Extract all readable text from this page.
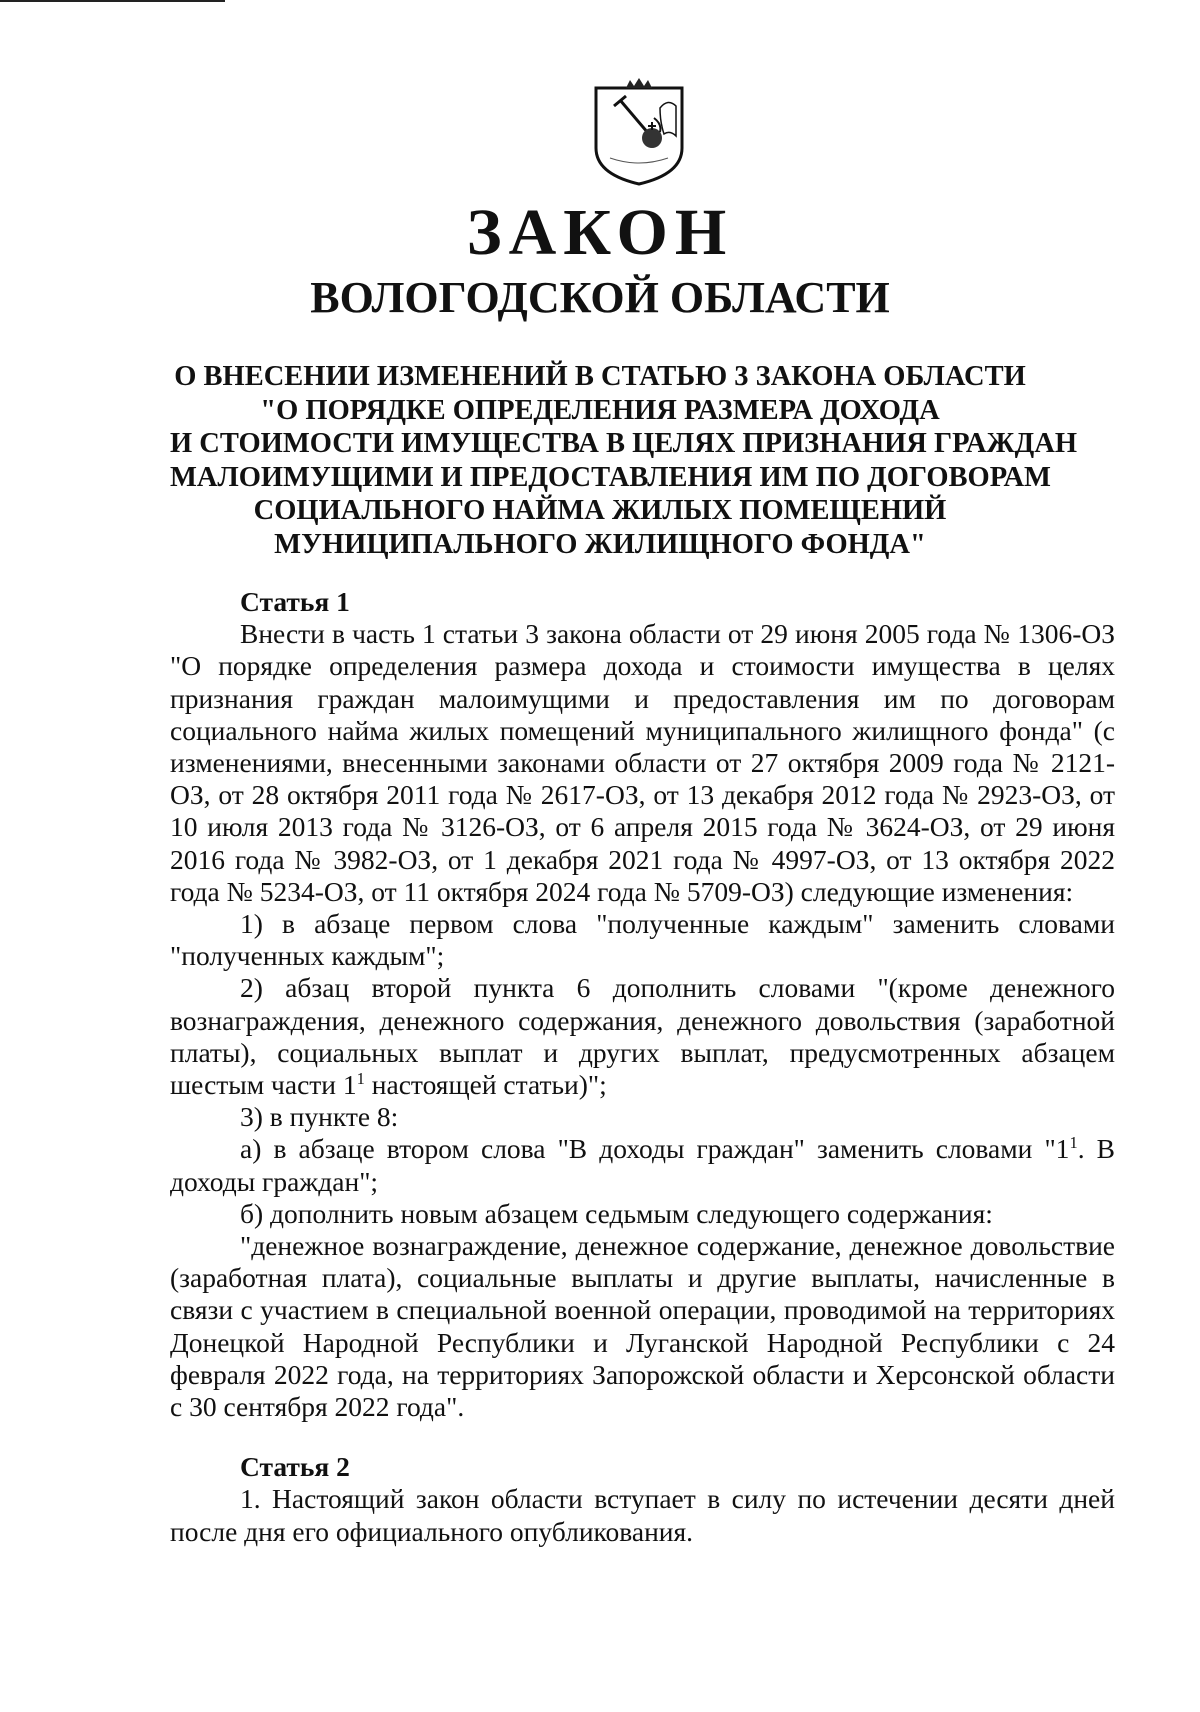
ЗАКОН
ВОЛОГОДСКОЙ ОБЛАСТИ
О ВНЕСЕНИИ ИЗМЕНЕНИЙ В СТАТЬЮ 3 ЗАКОНА ОБЛАСТИ
"О ПОРЯДКЕ ОПРЕДЕЛЕНИЯ РАЗМЕРА ДОХОДА
И СТОИМОСТИ ИМУЩЕСТВА В ЦЕЛЯХ ПРИЗНАНИЯ ГРАЖДАН
МАЛОИМУЩИМИ И ПРЕДОСТАВЛЕНИЯ ИМ ПО ДОГОВОРАМ
СОЦИАЛЬНОГО НАЙМА ЖИЛЫХ ПОМЕЩЕНИЙ
МУНИЦИПАЛЬНОГО ЖИЛИЩНОГО ФОНДА"

Статья 1

Внести в часть 1 статьи 3 закона области от 29 июня 2005 года № 1306-ОЗ "О порядке определения размера дохода и стоимости имущества в целях признания граждан малоимущими и предоставления им по договорам социального найма жилых помещений муниципального жилищного фонда" (с изменениями, внесенными законами области от 27 октября 2009 года № 2121-ОЗ, от 28 октября 2011 года № 2617-ОЗ, от 13 декабря 2012 года № 2923-ОЗ, от 10 июля 2013 года № 3126-ОЗ, от 6 апреля 2015 года № 3624-ОЗ, от 29 июня 2016 года № 3982-ОЗ, от 1 декабря 2021 года № 4997-ОЗ, от 13 октября 2022 года № 5234-ОЗ, от 11 октября 2024 года № 5709-ОЗ) следующие изменения:

1) в абзаце первом слова "полученные каждым" заменить словами "полученных каждым";

2) абзац второй пункта 6 дополнить словами "(кроме денежного вознаграждения, денежного содержания, денежного довольствия (заработной платы), социальных выплат и других выплат, предусмотренных абзацем шестым части $1^1$ настоящей статьи)";

3) в пункте 8:

а) в абзаце втором слова "В доходы граждан" заменить словами "$1^1$. В доходы граждан";

б) дополнить новым абзацем седьмым следующего содержания:

"денежное вознаграждение, денежное содержание, денежное довольствие (заработная плата), социальные выплаты и другие выплаты, начисленные в связи с участием в специальной военной операции, проводимой на территориях Донецкой Народной Республики и Луганской Народной Республики с 24 февраля 2022 года, на территориях Запорожской области и Херсонской области с 30 сентября 2022 года".

Статья 2

1. Настоящий закон области вступает в силу по истечении десяти дней после дня его официального опубликования.
